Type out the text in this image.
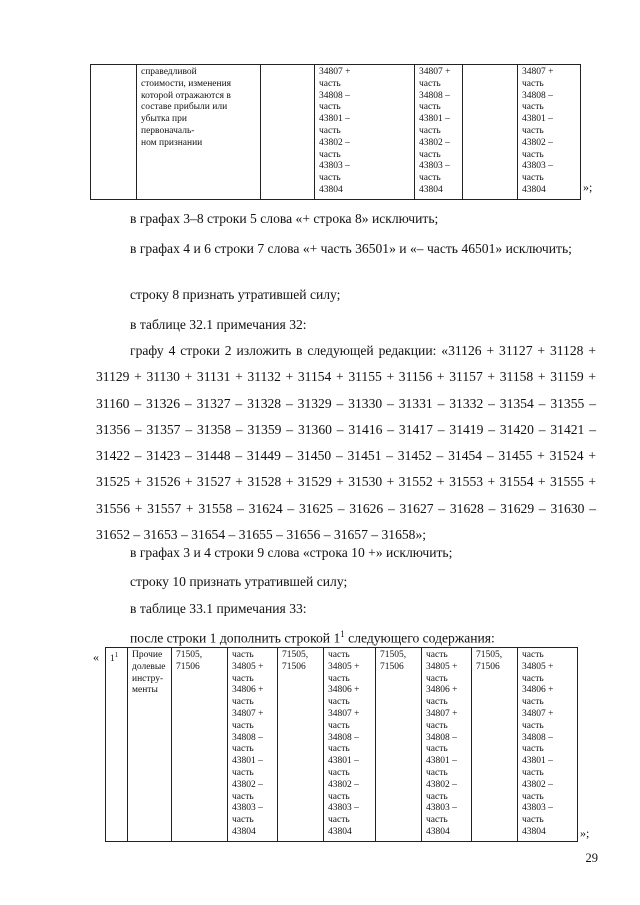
	справедливой
стоимости, изменения
которой отражаются в
составе прибыли или
убытка при
первоначаль-
ном признании		34807 +
часть
34808 –
часть
43801 –
часть
43802 –
часть
43803 –
часть
43804	34807 +
часть
34808 –
часть
43801 –
часть
43802 –
часть
43803 –
часть
43804		34807 +
часть
34808 –
часть
43801 –
часть
43802 –
часть
43803 –
часть
43804	»;

в графах 3–8 строки 5 слова «+ строка 8» исключить;

в графах 4 и 6 строки 7 слова «+ часть 36501» и «– часть 46501» исключить;

строку 8 признать утратившей силу;

в таблице 32.1 примечания 32:

графу 4 строки 2 изложить в следующей редакции: «31126 + 31127 + 31128 + 31129 + 31130 + 31131 + 31132 + 31154 + 31155 + 31156 + 31157 + 31158 + 31159 + 31160 – 31326 – 31327 – 31328 – 31329 – 31330 – 31331 – 31332 – 31354 – 31355 – 31356 – 31357 – 31358 – 31359 – 31360 – 31416 – 31417 – 31419 – 31420 – 31421 – 31422 – 31423 – 31448 – 31449 – 31450 – 31451 – 31452 – 31454 – 31455 + 31524 + 31525 + 31526 + 31527 + 31528 + 31529 + 31530 + 31552 + 31553 + 31554 + 31555 + 31556 + 31557 + 31558 – 31624 – 31625 – 31626 – 31627 – 31628 – 31629 – 31630 – 31652 – 31653 – 31654 – 31655 – 31656 – 31657 – 31658»;

в графах 3 и 4 строки 9 слова «строка 10 +» исключить;

строку 10 признать утратившей силу;

в таблице 33.1 примечания 33:

после строки 1 дополнить строкой $1^1$ следующего содержания:

« $1^1$	Прочие
долевые
инстру-
менты	71505,
71506	часть
34805 +
часть
34806 +
часть
34807 +
часть
34808 –
часть
43801 –
часть
43802 –
часть
43803 –
часть
43804	71505,
71506	часть
34805 +
часть
34806 +
часть
34807 +
часть
34808 –
часть
43801 –
часть
43802 –
часть
43803 –
часть
43804	71505,
71506	часть
34805 +
часть
34806 +
часть
34807 +
часть
34808 –
часть
43801 –
часть
43802 –
часть
43803 –
часть
43804	71505,
71506	часть
34805 +
часть
34806 +
часть
34807 +
часть
34808 –
часть
43801 –
часть
43802 –
часть
43803 –
часть
43804	»;
29
